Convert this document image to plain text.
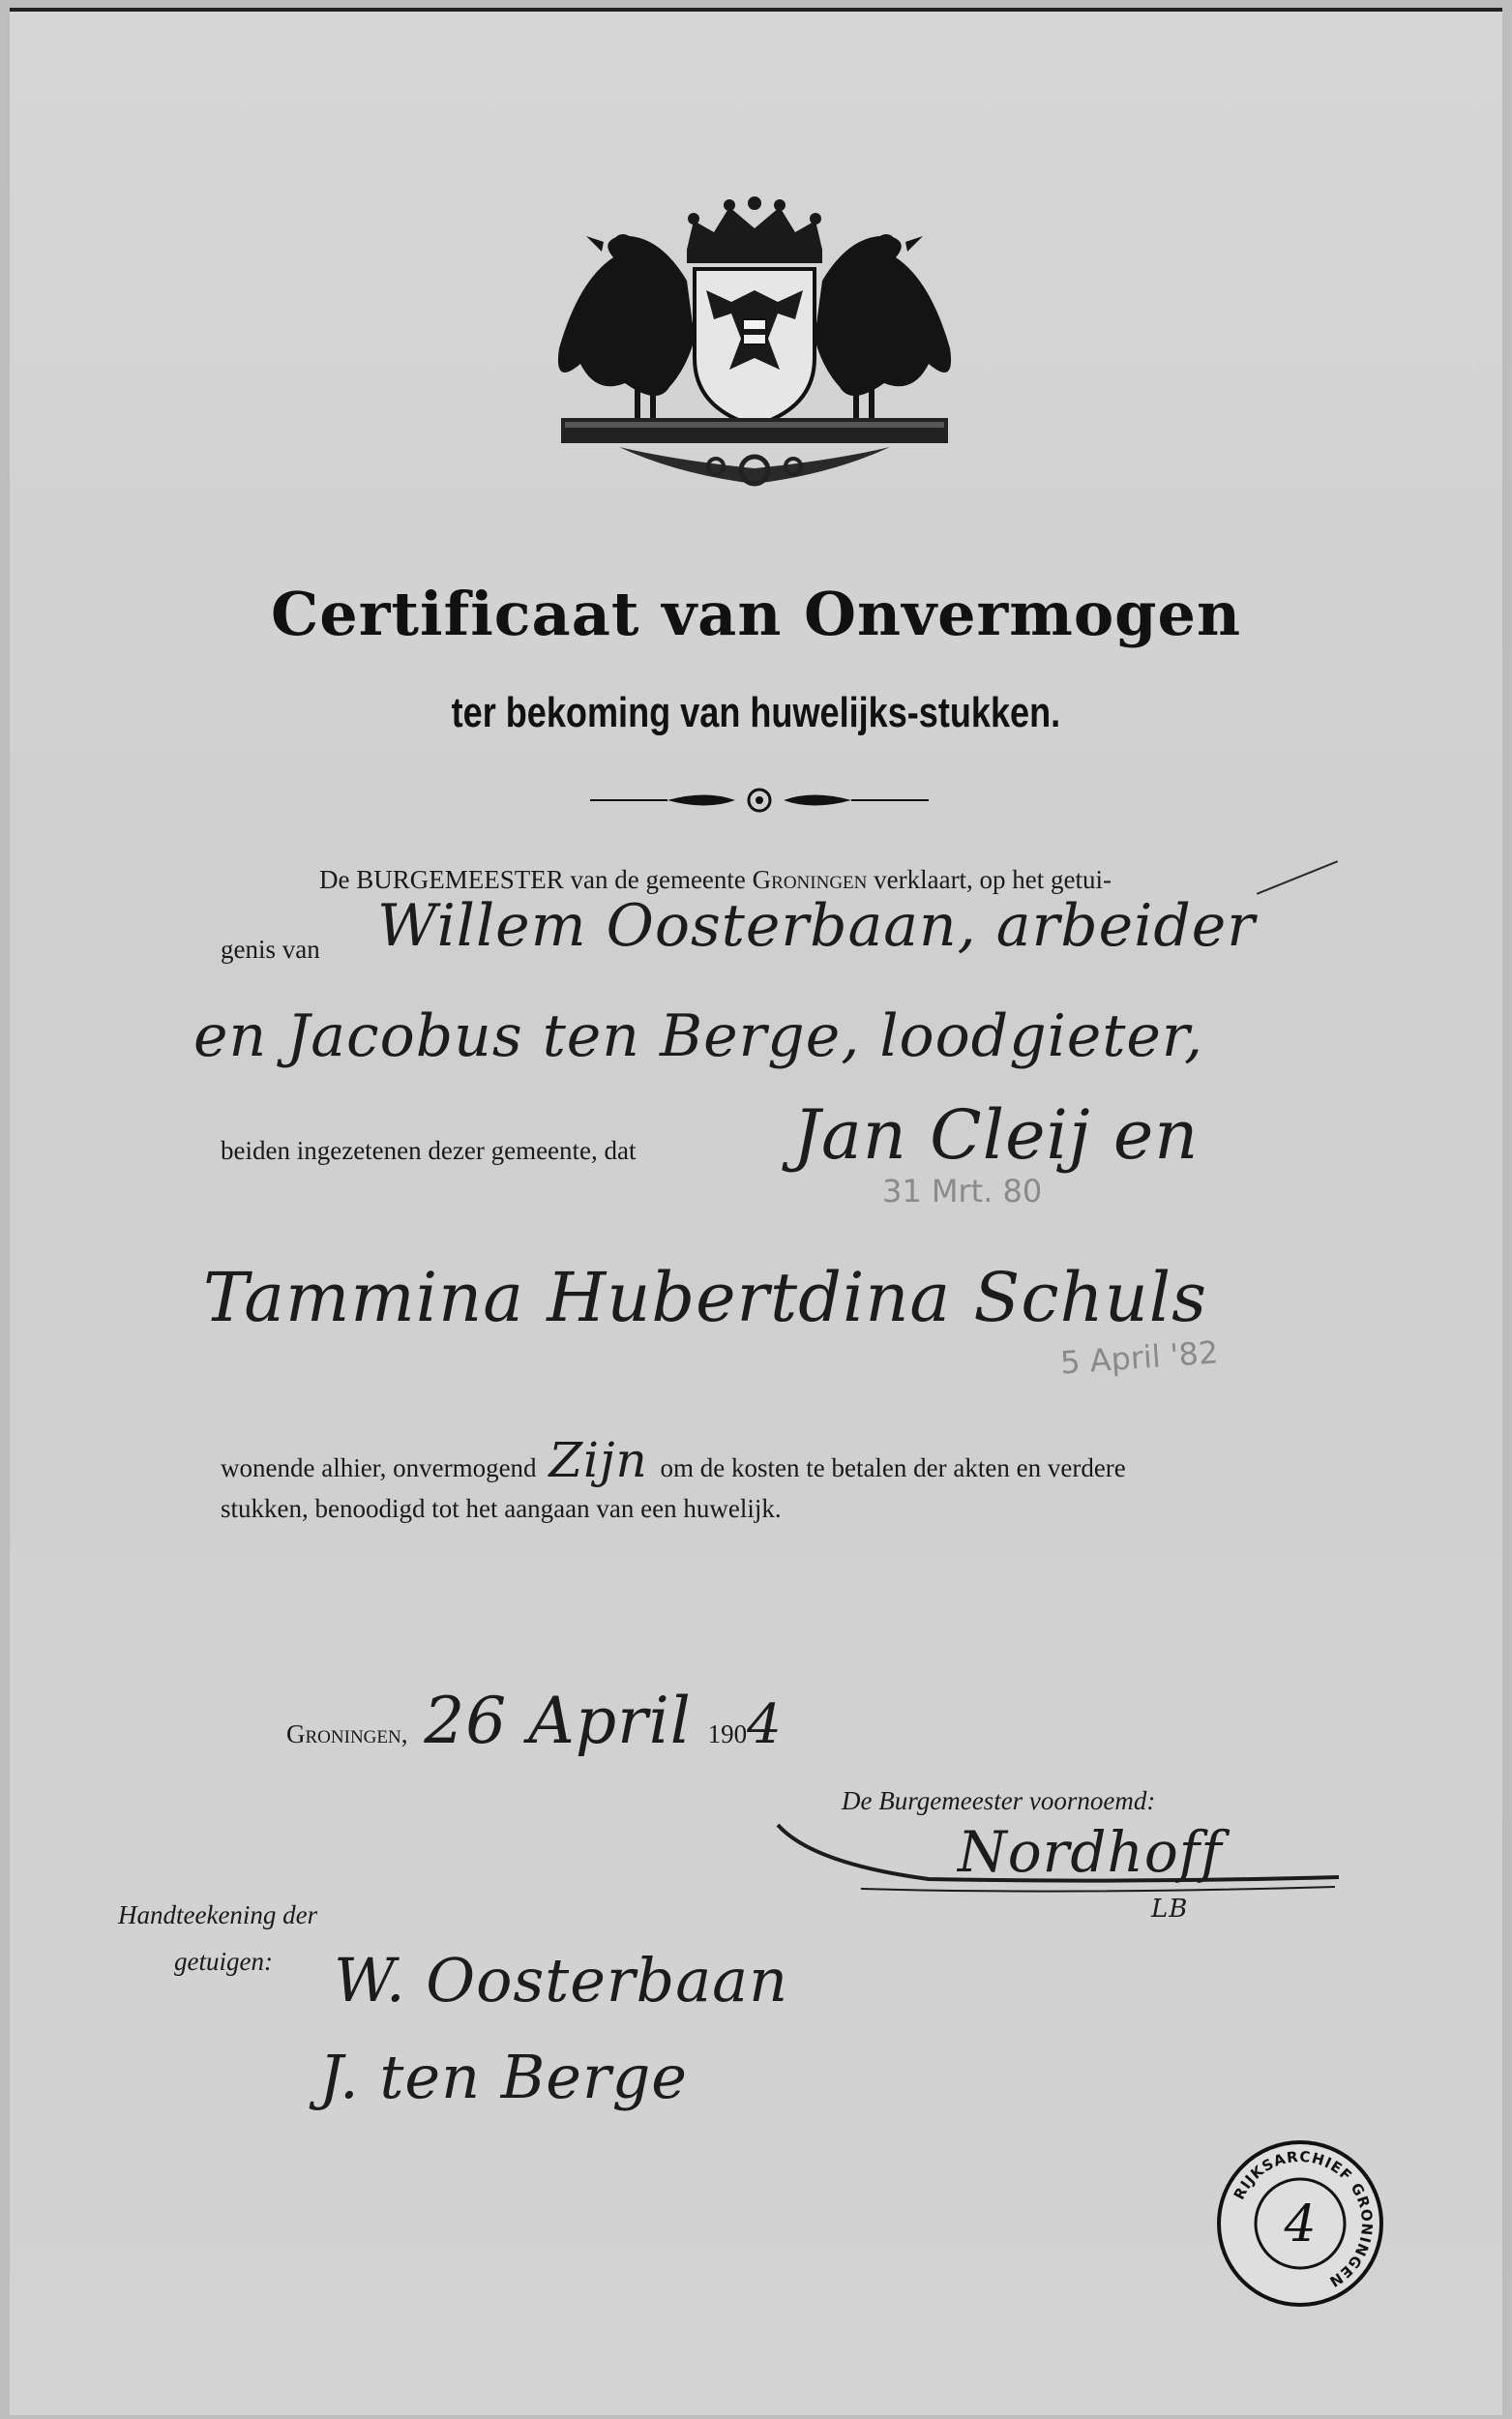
Certificaat van Onvermogen
ter bekoming van huwelijks-stukken.
De BURGEMEESTER van de gemeente Groningen verklaart, op het getui-
genis van Willem Oosterbaan, arbeider
en Jacobus ten Berge, loodgieter,
beiden ingezetenen dezer gemeente, dat Jan Cleij en
31 Mrt. 80
Tammina Hubertdina Schuls
5 April '82
wonende alhier, onvermogend Zijn om de kosten te betalen der akten en verdere
stukken, benoodigd tot het aangaan van een huwelijk.
Groningen, 26 April 1904
De Burgemeester voornoemd:
Nordhoff
LB
Handteekening der
getuigen: W. Oosterbaan
J. ten Berge
RIJKSARCHIEF GRONINGEN
4
